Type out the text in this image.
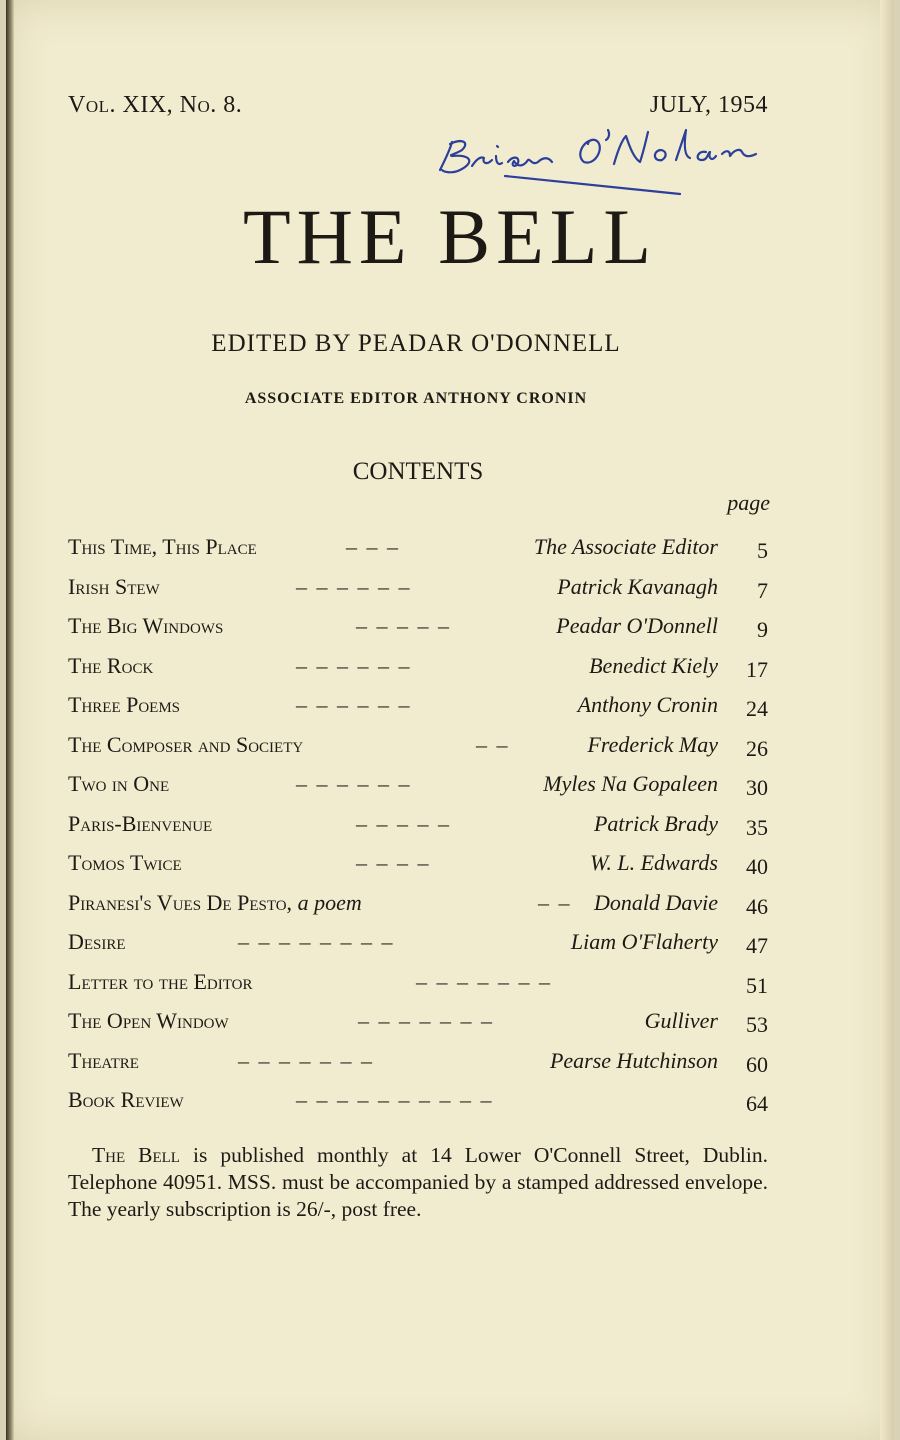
Vol. XIX, No. 8.	JULY, 1954
THE BELL
EDITED BY PEADAR O'DONNELL
ASSOCIATE EDITOR ANTHONY CRONIN
CONTENTS
page
This Time, This Place	– – –	The Associate Editor	5
Irish Stew	– – – – – –	Patrick Kavanagh	7
The Big Windows	– – – – –	Peadar O'Donnell	9
The Rock	– – – – – –	Benedict Kiely	17
Three Poems	– – – – – –	Anthony Cronin	24
The Composer and Society	– –	Frederick May	26
Two in One	– – – – – –	Myles Na Gopaleen	30
Paris-Bienvenue	– – – – –	Patrick Brady	35
Tomos Twice	– – – –	W. L. Edwards	40
Piranesi's Vues De Pesto, a poem	– – Donald Davie	46
Desire	– – – – – – – –	Liam O'Flaherty	47
Letter to the Editor	– – – – – – –	51
The Open Window	– – – – – – –	Gulliver	53
Theatre	– – – – – – –	Pearse Hutchinson	60
Book Review	– – – – – – – – – –	64
The Bell is published monthly at 14 Lower O'Connell Street, Dublin. Telephone 40951. MSS. must be accompanied by a stamped addressed envelope. The yearly subscription is 26/-, post free.
